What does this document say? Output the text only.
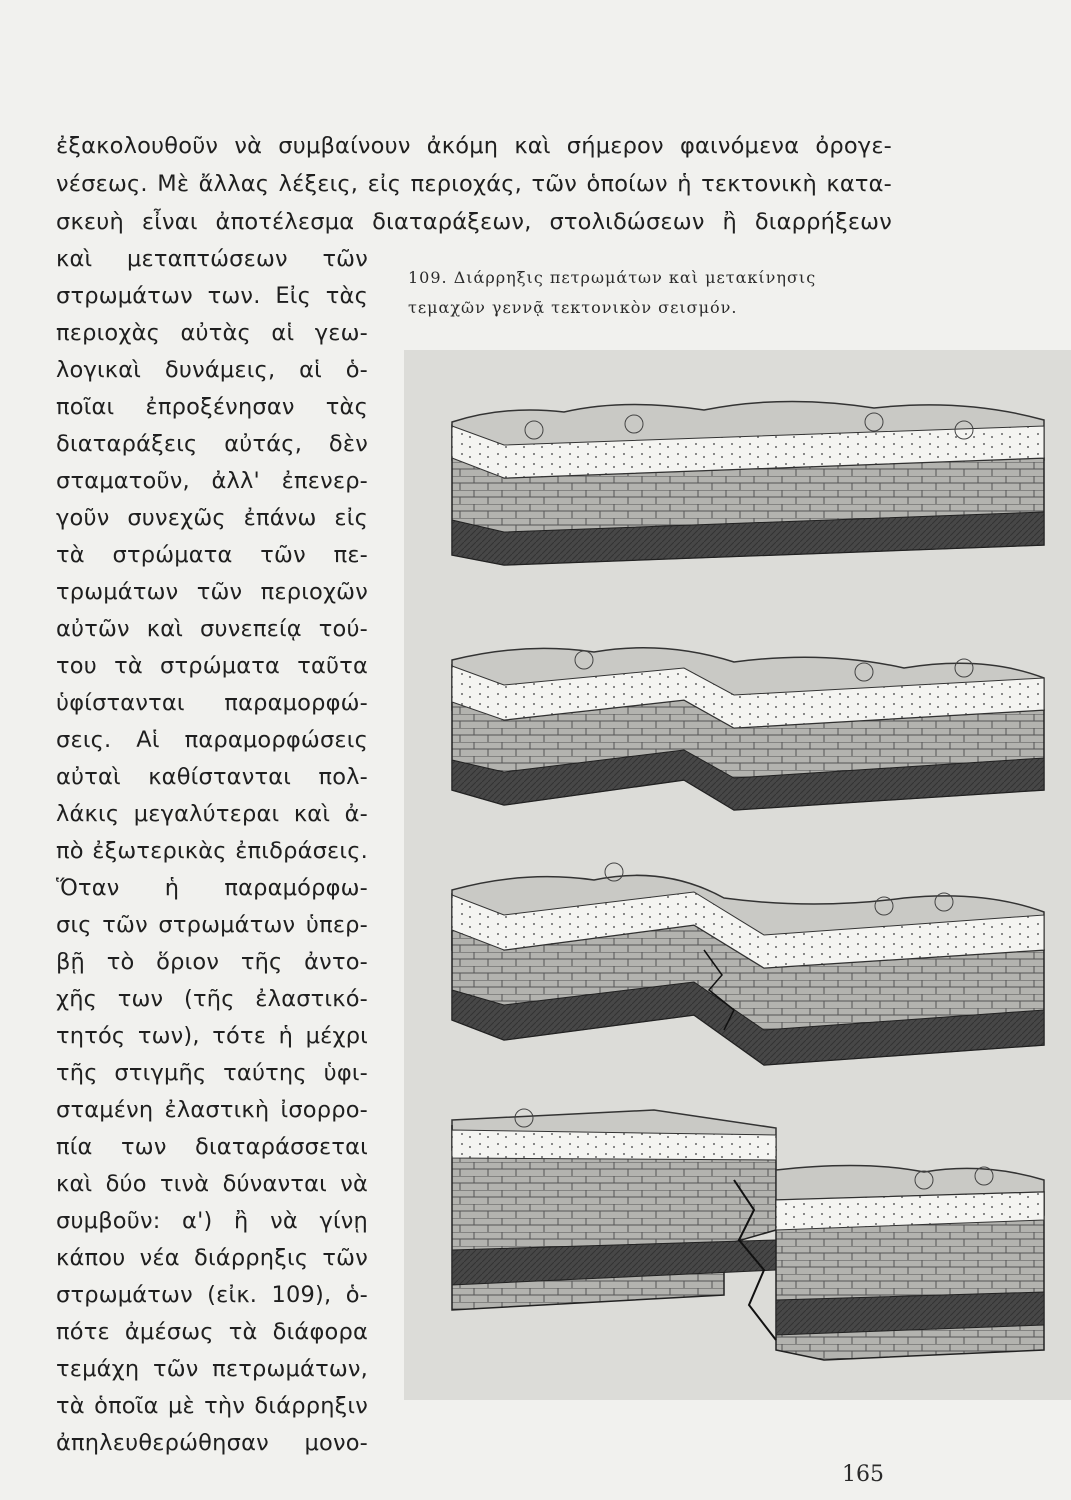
ἐξακολουθοῦν νὰ συμβαίνουν ἀκόμη καὶ σήμερον φαινόμενα ὀρογε-
νέσεως. Μὲ ἄλλας λέξεις, εἰς περιοχάς, τῶν ὁποίων ἡ τεκτονικὴ κατα-
σκευὴ εἶναι ἀποτέλεσμα διαταράξεων, στολιδώσεων ἢ διαρρήξεων
καὶ μεταπτώσεων τῶν
στρωμάτων των. Εἰς τὰς
περιοχὰς αὐτὰς αἱ γεω-
λογικαὶ δυνάμεις, αἱ ὁ-
ποῖαι ἐπροξένησαν τὰς
διαταράξεις αὐτάς, δὲν
σταματοῦν, ἀλλ' ἐπενερ-
γοῦν συνεχῶς ἐπάνω εἰς
τὰ στρώματα τῶν πε-
τρωμάτων τῶν περιοχῶν
αὐτῶν καὶ συνεπείᾳ τού-
του τὰ στρώματα ταῦτα
ὑφίστανται παραμορφώ-
σεις. Αἱ παραμορφώσεις
αὐταὶ καθίστανται πολ-
λάκις μεγαλύτεραι καὶ ἀ-
πὸ ἐξωτερικὰς ἐπιδράσεις.
Ὅταν ἡ παραμόρφω-
σις τῶν στρωμάτων ὑπερ-
βῇ τὸ ὅριον τῆς ἀντο-
χῆς των (τῆς ἐλαστικό-
τητός των), τότε ἡ μέχρι
τῆς στιγμῆς ταύτης ὑφι-
σταμένη ἐλαστικὴ ἰσορρο-
πία των διαταράσσεται
καὶ δύο τινὰ δύνανται νὰ
συμβοῦν: α') ἢ νὰ γίνῃ
κάπου νέα διάρρηξις τῶν
στρωμάτων (εἰκ. 109), ὁ-
πότε ἀμέσως τὰ διάφορα
τεμάχη τῶν πετρωμάτων,
τὰ ὁποῖα μὲ τὴν διάρρηξιν
ἀπηλευθερώθησαν μονο-
109. Διάρρηξις πετρωμάτων καὶ μετακίνησις
τεμαχῶν γεννᾷ τεκτονικὸν σεισμόν.
165
